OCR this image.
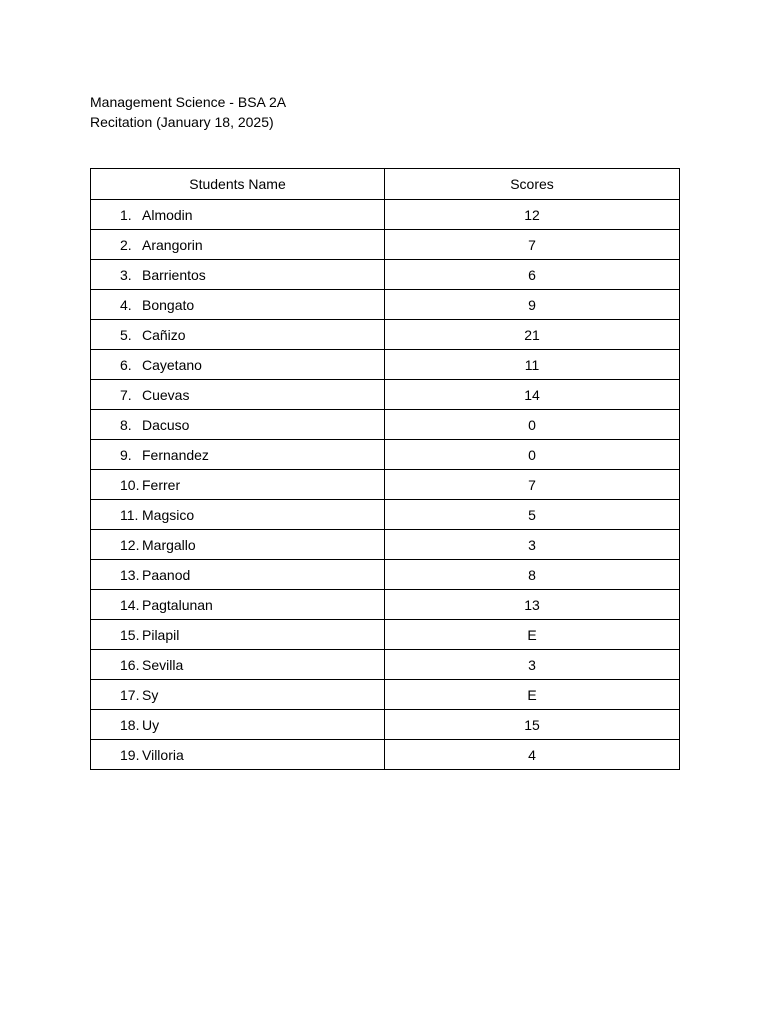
Management Science - BSA 2A
Recitation (January 18, 2025)
Students Name	Scores
1. Almodin	12
2. Arangorin	7
3. Barrientos	6
4. Bongato	9
5. Cañizo	21
6. Cayetano	11
7. Cuevas	14
8. Dacuso	0
9. Fernandez	0
10. Ferrer	7
11. Magsico	5
12. Margallo	3
13. Paanod	8
14. Pagtalunan	13
15. Pilapil	E
16. Sevilla	3
17. Sy	E
18. Uy	15
19. Villoria	4
